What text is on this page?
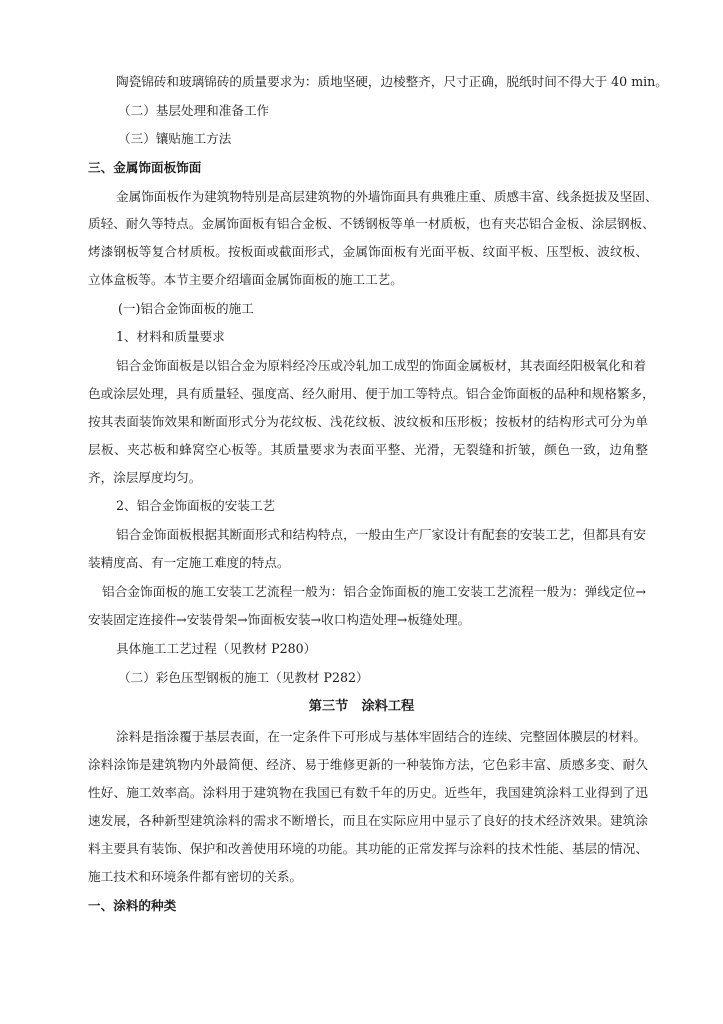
陶瓷锦砖和玻璃锦砖的质量要求为：质地坚硬，边棱整齐，尺寸正确，脱纸时间不得大于 40 min。
（二）基层处理和准备工作
（三）镶贴施工方法
三、金属饰面板饰面
金属饰面板作为建筑物特别是高层建筑物的外墙饰面具有典雅庄重、质感丰富、线条挺拔及坚固、
质轻、耐久等特点。金属饰面板有铝合金板、不锈钢板等单一材质板，也有夹芯铝合金板、涂层钢板、
烤漆钢板等复合材质板。按板面或截面形式，金属饰面板有光面平板、纹面平板、压型板、波纹板、
立体盒板等。本节主要介绍墙面金属饰面板的施工工艺。
(一)铝合金饰面板的施工
1、材料和质量要求
铝合金饰面板是以铝合金为原料经冷压或冷轧加工成型的饰面金属板材，其表面经阳极氧化和着
色或涂层处理，具有质量轻、强度高、经久耐用、便于加工等特点。铝合金饰面板的品种和规格繁多，
按其表面装饰效果和断面形式分为花纹板、浅花纹板、波纹板和压形板；按板材的结构形式可分为单
层板、夹芯板和蜂窝空心板等。其质量要求为表面平整、光滑，无裂缝和折皱，颜色一致，边角整
齐，涂层厚度均匀。
2、铝合金饰面板的安装工艺
铝合金饰面板根据其断面形式和结构特点，一般由生产厂家设计有配套的安装工艺，但都具有安
装精度高、有一定施工难度的特点。
铝合金饰面板的施工安装工艺流程一般为：铝合金饰面板的施工安装工艺流程一般为：弹线定位→
安装固定连接件→安装骨架→饰面板安装→收口构造处理→板缝处理。
具体施工工艺过程（见教材 P280）
（二）彩色压型钢板的施工（见教材 P282）
第三节　涂料工程
涂料是指涂覆于基层表面，在一定条件下可形成与基体牢固结合的连续、完整固体膜层的材料。
涂料涂饰是建筑物内外最简便、经济、易于维修更新的一种装饰方法，它色彩丰富、质感多变、耐久
性好、施工效率高。涂料用于建筑物在我国已有数千年的历史。近些年，我国建筑涂料工业得到了迅
速发展，各种新型建筑涂料的需求不断增长，而且在实际应用中显示了良好的技术经济效果。建筑涂
料主要具有装饰、保护和改善使用环境的功能。其功能的正常发挥与涂料的技术性能、基层的情况、
施工技术和环境条件都有密切的关系。
一、涂料的种类
